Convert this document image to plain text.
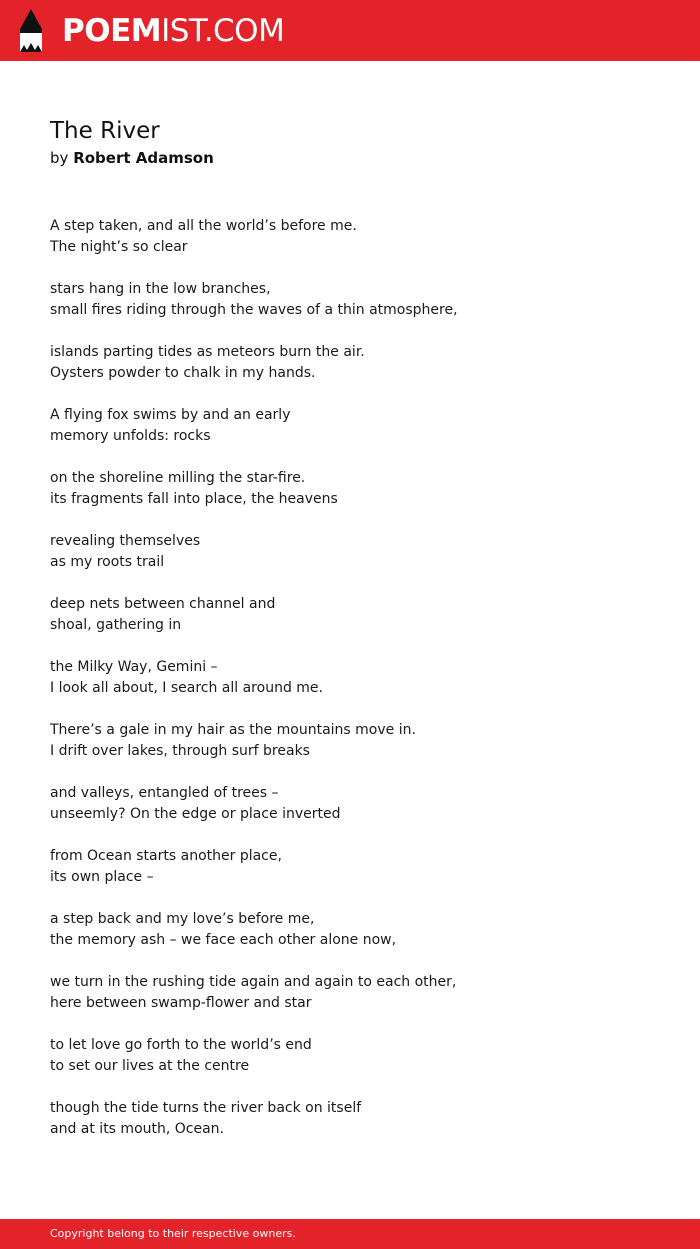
POEMIST.COM
The River

by Robert Adamson

A step taken, and all the world’s before me.
The night’s so clear
stars hang in the low branches,
small fires riding through the waves of a thin atmosphere,
islands parting tides as meteors burn the air.
Oysters powder to chalk in my hands.
A flying fox swims by and an early
memory unfolds: rocks
on the shoreline milling the star-fire.
its fragments fall into place, the heavens
revealing themselves
as my roots trail
deep nets between channel and
shoal, gathering in
the Milky Way, Gemini –
I look all about, I search all around me.
There’s a gale in my hair as the mountains move in.
I drift over lakes, through surf breaks
and valleys, entangled of trees –
unseemly? On the edge or place inverted
from Ocean starts another place,
its own place –
a step back and my love’s before me,
the memory ash – we face each other alone now,
we turn in the rushing tide again and again to each other,
here between swamp-flower and star
to let love go forth to the world’s end
to set our lives at the centre
though the tide turns the river back on itself
and at its mouth, Ocean.
Copyright belong to their respective owners.
